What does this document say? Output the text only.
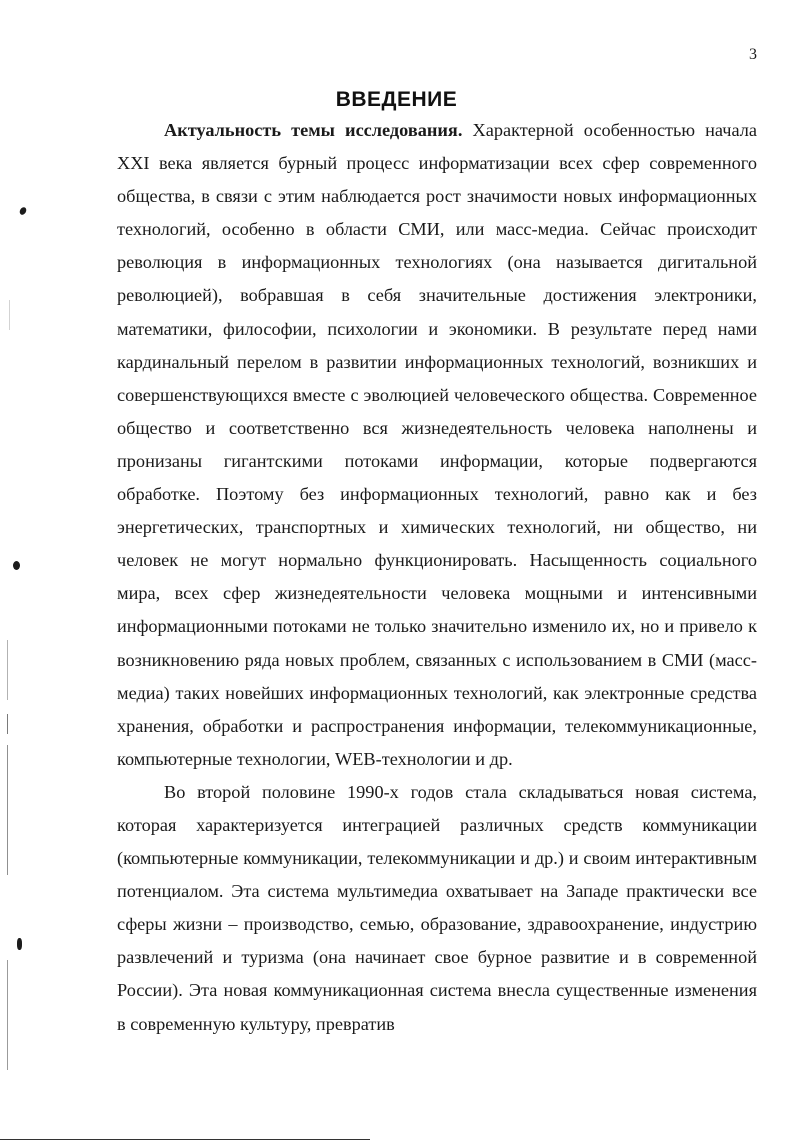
3
ВВЕДЕНИЕ

Актуальность темы исследования. Характерной особенностью начала XXI века является бурный процесс информатизации всех сфер современного общества, в связи с этим наблюдается рост значимости новых информационных технологий, особенно в области СМИ, или масс-медиа. Сейчас происходит революция в информационных технологиях (она называется дигитальной революцией), вобравшая в себя значительные достижения электроники, математики, философии, психологии и экономики. В результате перед нами кардинальный перелом в развитии информационных технологий, возникших и совершенствующихся вместе с эволюцией человеческого общества. Современное общество и соответственно вся жизнедеятельность человека наполнены и пронизаны гигантскими потоками информации, которые подвергаются обработке. Поэтому без информационных технологий, равно как и без энергетических, транспортных и химических технологий, ни общество, ни человек не могут нормально функционировать. Насыщенность социального мира, всех сфер жизнедеятельности человека мощными и интенсивными информационными потоками не только значительно изменило их, но и привело к возникновению ряда новых проблем, связанных с использованием в СМИ (масс-медиа) таких новейших информационных технологий, как электронные средства хранения, обработки и распространения информации, телекоммуникационные, компьютерные технологии, WEB-технологии и др.

Во второй половине 1990-х годов стала складываться новая система, которая характеризуется интеграцией различных средств коммуникации (компьютерные коммуникации, телекоммуникации и др.) и своим интерактивным потенциалом. Эта система мультимедиа охватывает на Западе практически все сферы жизни – производство, семью, образование, здравоохранение, индустрию развлечений и туризма (она начинает свое бурное развитие и в современной России). Эта новая коммуникационная система внесла существенные изменения в современную культуру, превратив
